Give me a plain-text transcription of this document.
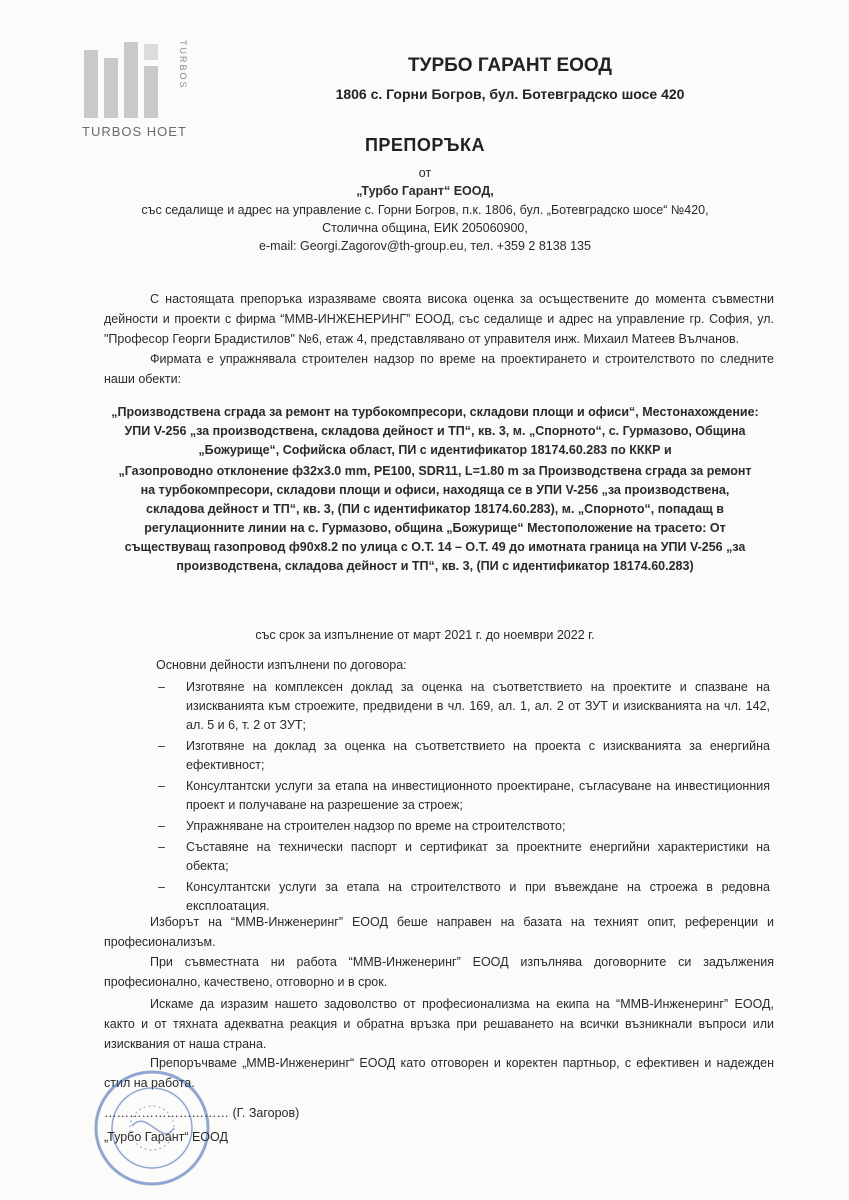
TURBOS
TURBOS HOET
ТУРБО ГАРАНТ ЕООД
1806 с. Горни Богров, бул. Ботевградско шосе 420
ПРЕПОРЪКА
от
„Турбо Гарант“ ЕООД,
със седалище и адрес на управление с. Горни Богров, п.к. 1806, бул. „Ботевградско шосе“ №420,
Столична община, ЕИК 205060900,
e-mail: Georgi.Zagorov@th-group.eu, тел. +359 2 8138 135

С настоящата препоръка изразяваме своята висока оценка за осъществените до момента съвместни дейности и проекти с фирма “ММВ-ИНЖЕНЕРИНГ” ЕООД, със седалище и адрес на управление гр. София, ул. "Професор Георги Брадистилов" №6, етаж 4, представлявано от управителя инж. Михаил Матеев Вълчанов.

Фирмата е упражнявала строителен надзор по време на проектирането и строителството по следните наши обекти:

„Производствена сграда за ремонт на турбокомпресори, складови площи и офиси“, Местонахождение: УПИ V-256 „за производствена, складова дейност и ТП“, кв. 3, м. „Спорното“, с. Гурмазово, Община „Божурище“, Софийска област, ПИ с идентификатор 18174.60.283 по КККР и

„Газопроводно отклонение ф32x3.0 mm, PE100, SDR11, L=1.80 m за Производствена сграда за ремонт на турбокомпресори, складови площи и офиси, находяща се в УПИ V-256 „за производствена, складова дейност и ТП“, кв. 3, (ПИ с идентификатор 18174.60.283), м. „Спорното“, попадащ в регулационните линии на с. Гурмазово, община „Божурище“ Местоположение на трасето: От съществуващ газопровод ф90x8.2 по улица с О.Т. 14 – О.Т. 49 до имотната граница на УПИ V-256 „за производствена, складова дейност и ТП“, кв. 3, (ПИ с идентификатор 18174.60.283)

със срок за изпълнение от март 2021 г. до ноември 2022 г.
Основни дейности изпълнени по договора:
– Изготвяне на комплексен доклад за оценка на съответствието на проектите и спазване на изискванията към строежите, предвидени в чл. 169, ал. 1, ал. 2 от ЗУТ и изискванията на чл. 142, ал. 5 и 6, т. 2 от ЗУТ;
– Изготвяне на доклад за оценка на съответствието на проекта с изискванията за енергийна ефективност;
– Консултантски услуги за етапа на инвестиционното проектиране, съгласуване на инвестиционния проект и получаване на разрешение за строеж;
– Упражняване на строителен надзор по време на строителството;
– Съставяне на технически паспорт и сертификат за проектните енергийни характеристики на обекта;
– Консултантски услуги за етапа на строителството и при въвеждане на строежа в редовна експлоатация.

Изборът на “ММВ-Инженеринг” ЕООД беше направен на базата на техният опит, референции и професионализъм.

При съвместната ни работа “ММВ-Инженеринг” ЕООД изпълнява договорните си задължения професионално, качествено, отговорно и в срок.

Искаме да изразим нашето задоволство от професионализма на екипа на “ММВ-Инженеринг” ЕООД, както и от тяхната адекватна реакция и обратна връзка при решаването на всички възникнали въпроси или изисквания от наша страна.

Препоръчваме „ММВ-Инженеринг“ ЕООД като отговорен и коректен партньор, с ефективен и надежден стил на работа.

………………………… (Г. Загоров)
„Турбо Гарант“ ЕООД
